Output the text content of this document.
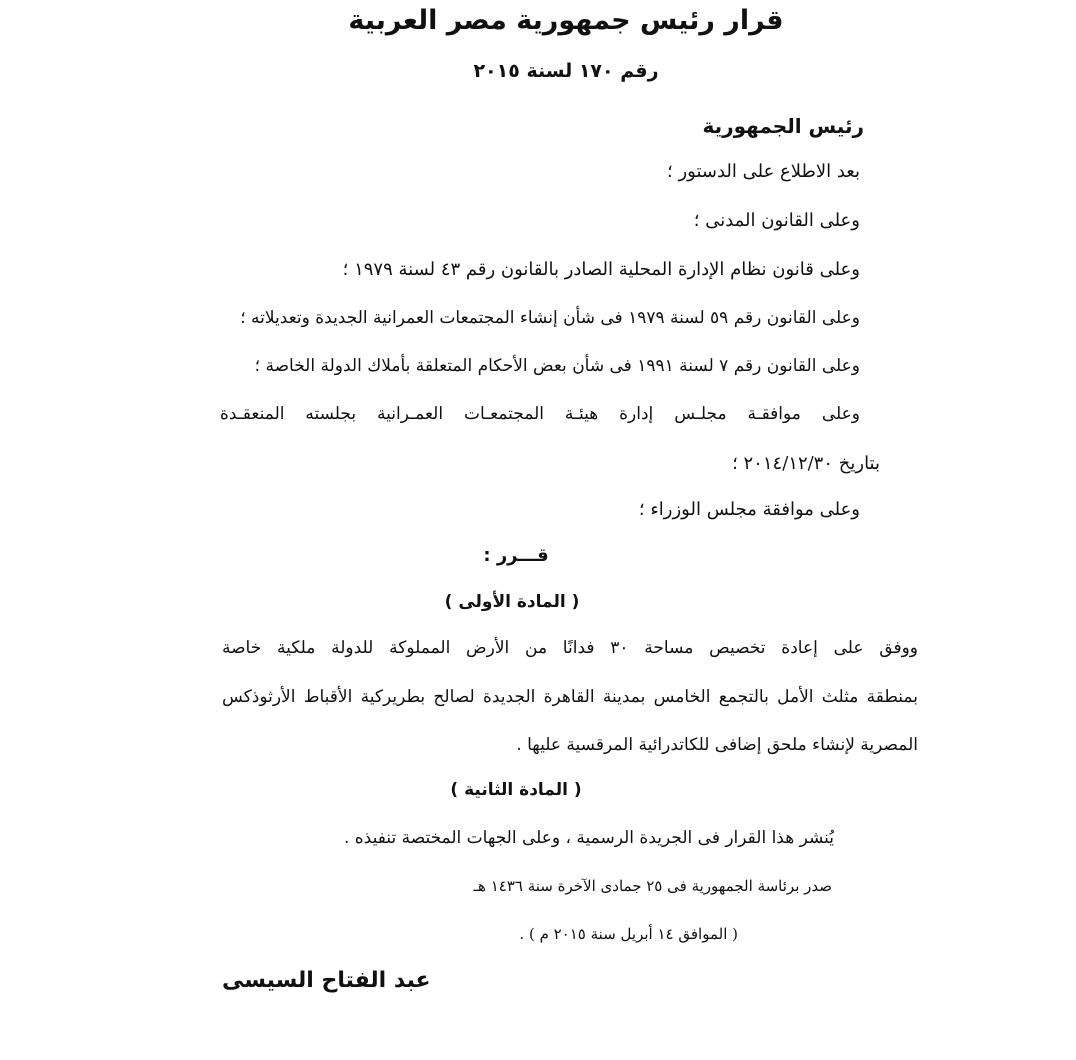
قرار رئيس جمهورية مصر العربية
رقم ١٧٠ لسنة ٢٠١٥
رئيس الجمهورية
بعد الاطلاع على الدستور ؛
وعلى القانون المدنى ؛
وعلى قانون نظام الإدارة المحلية الصادر بالقانون رقم ٤٣ لسنة ١٩٧٩ ؛
وعلى القانون رقم ٥٩ لسنة ١٩٧٩ فى شأن إنشاء المجتمعات العمرانية الجديدة وتعديلاته ؛
وعلى القانون رقم ٧ لسنة ١٩٩١ فى شأن بعض الأحكام المتعلقة بأملاك الدولة الخاصة ؛
وعلى موافقـة مجلـس إدارة هيئـة المجتمعـات العمـرانية بجلسته المنعقـدة
بتاريخ ٢٠١٤/١٢/٣٠ ؛
وعلى موافقة مجلس الوزراء ؛
قـــرر :
( المادة الأولى )
ووفق على إعادة تخصيص مساحة ٣٠ فدانًا من الأرض المملوكة للدولة ملكية خاصة
بمنطقة مثلث الأمل بالتجمع الخامس بمدينة القاهرة الجديدة لصالح بطريركية الأقباط الأرثوذكس
المصرية لإنشاء ملحق إضافى للكاتدرائية المرقسية عليها .
( المادة الثانية )
يُنشر هذا القرار فى الجريدة الرسمية ، وعلى الجهات المختصة تنفيذه .
صدر برئاسة الجمهورية فى ٢٥ جمادى الآخرة سنة ١٤٣٦ هـ
( الموافق ١٤ أبريل سنة ٢٠١٥ م ) .
عبد الفتاح السيسى
